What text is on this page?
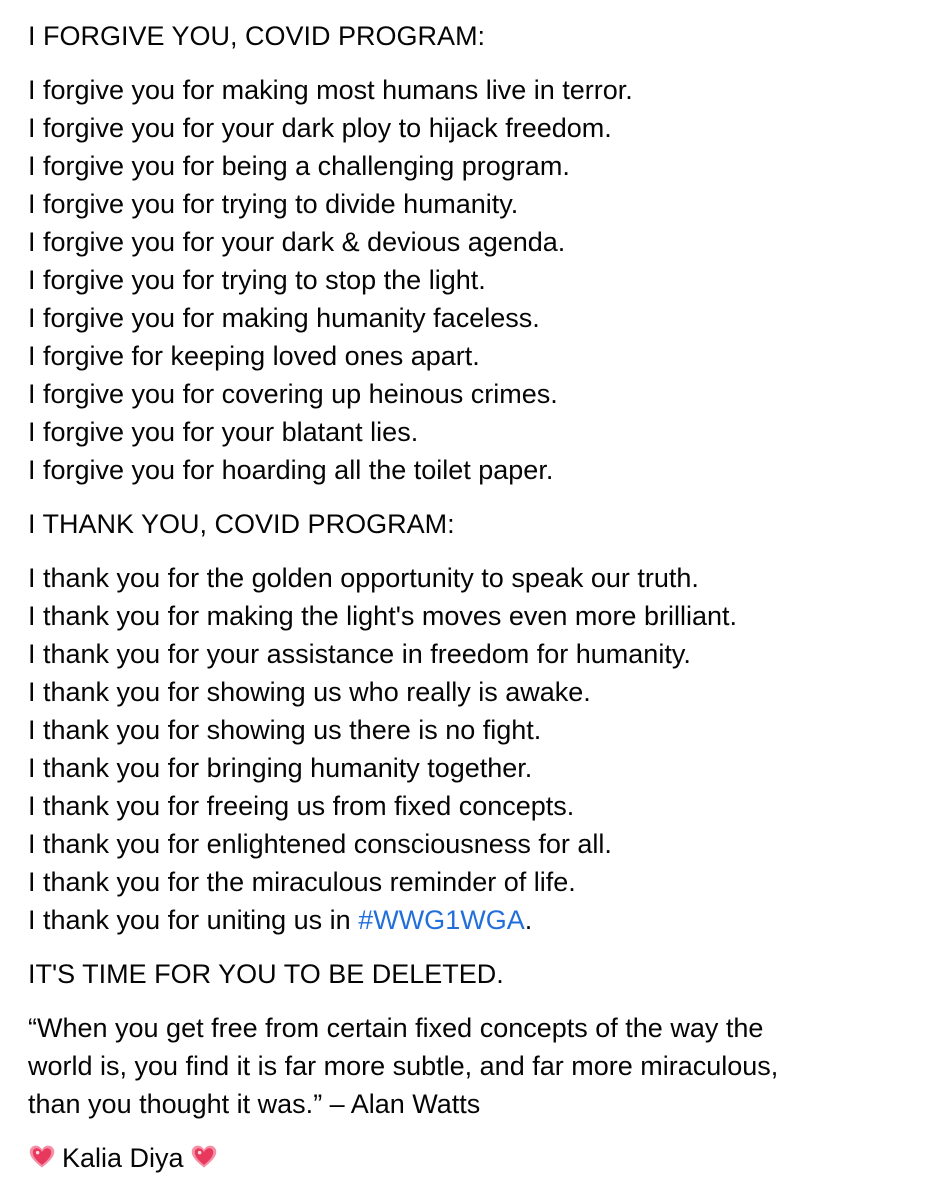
I FORGIVE YOU, COVID PROGRAM:
I forgive you for making most humans live in terror.
I forgive you for your dark ploy to hijack freedom.
I forgive you for being a challenging program.
I forgive you for trying to divide humanity.
I forgive you for your dark & devious agenda.
I forgive you for trying to stop the light.
I forgive you for making humanity faceless.
I forgive for keeping loved ones apart.
I forgive you for covering up heinous crimes.
I forgive you for your blatant lies.
I forgive you for hoarding all the toilet paper.
I THANK YOU, COVID PROGRAM:
I thank you for the golden opportunity to speak our truth.
I thank you for making the light's moves even more brilliant.
I thank you for your assistance in freedom for humanity.
I thank you for showing us who really is awake.
I thank you for showing us there is no fight.
I thank you for bringing humanity together.
I thank you for freeing us from fixed concepts.
I thank you for enlightened consciousness for all.
I thank you for the miraculous reminder of life.
I thank you for uniting us in #WWG1WGA.
IT'S TIME FOR YOU TO BE DELETED.
“When you get free from certain fixed concepts of the way the
world is, you find it is far more subtle, and far more miraculous,
than you thought it was.” – Alan Watts
Kalia Diya
